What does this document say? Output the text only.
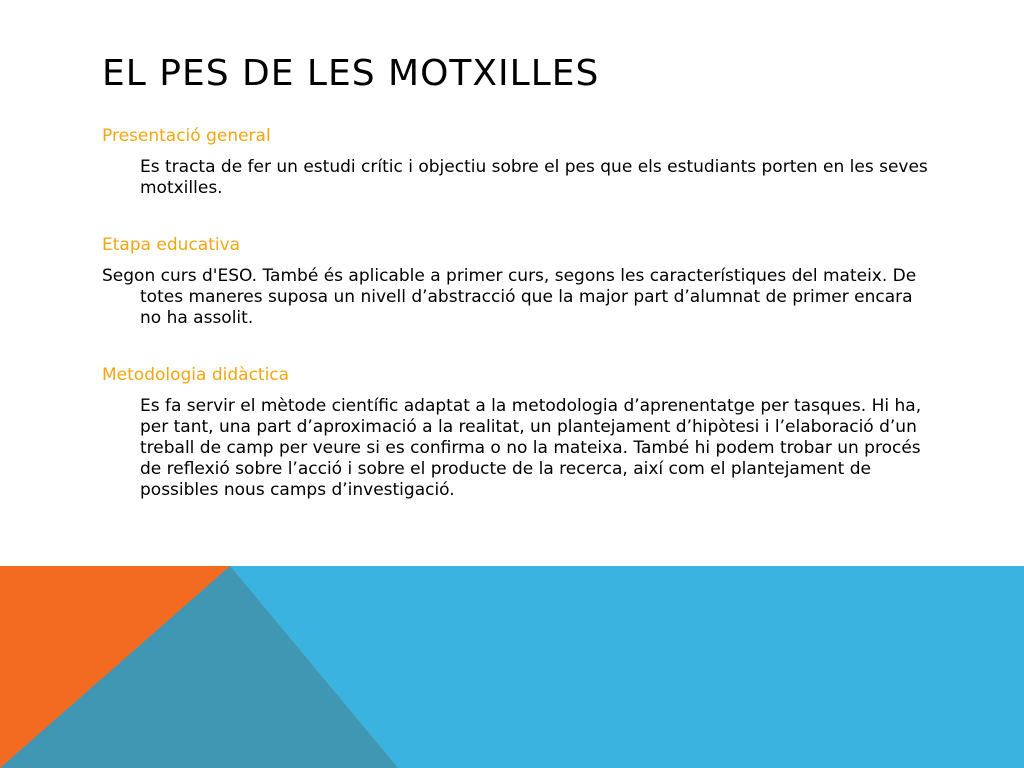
EL PES DE LES MOTXILLES

Presentació general

Es tracta de fer un estudi crític i objectiu sobre el pes que els estudiants porten en les seves motxilles.

Etapa educativa

Segon curs d'ESO. També és aplicable a primer curs, segons les característiques del mateix. De totes maneres suposa un nivell d’abstracció que la major part d’alumnat de primer encara no ha assolit.

Metodologia didàctica

Es fa servir el mètode científic adaptat a la metodologia d’aprenentatge per tasques. Hi ha, per tant, una part d’aproximació a la realitat, un plantejament d’hipòtesi i l’elaboració d’un treball de camp per veure si es confirma o no la mateixa. També hi podem trobar un procés de reflexió sobre l’acció i sobre el producte de la recerca, així com el plantejament de possibles nous camps d’investigació.
